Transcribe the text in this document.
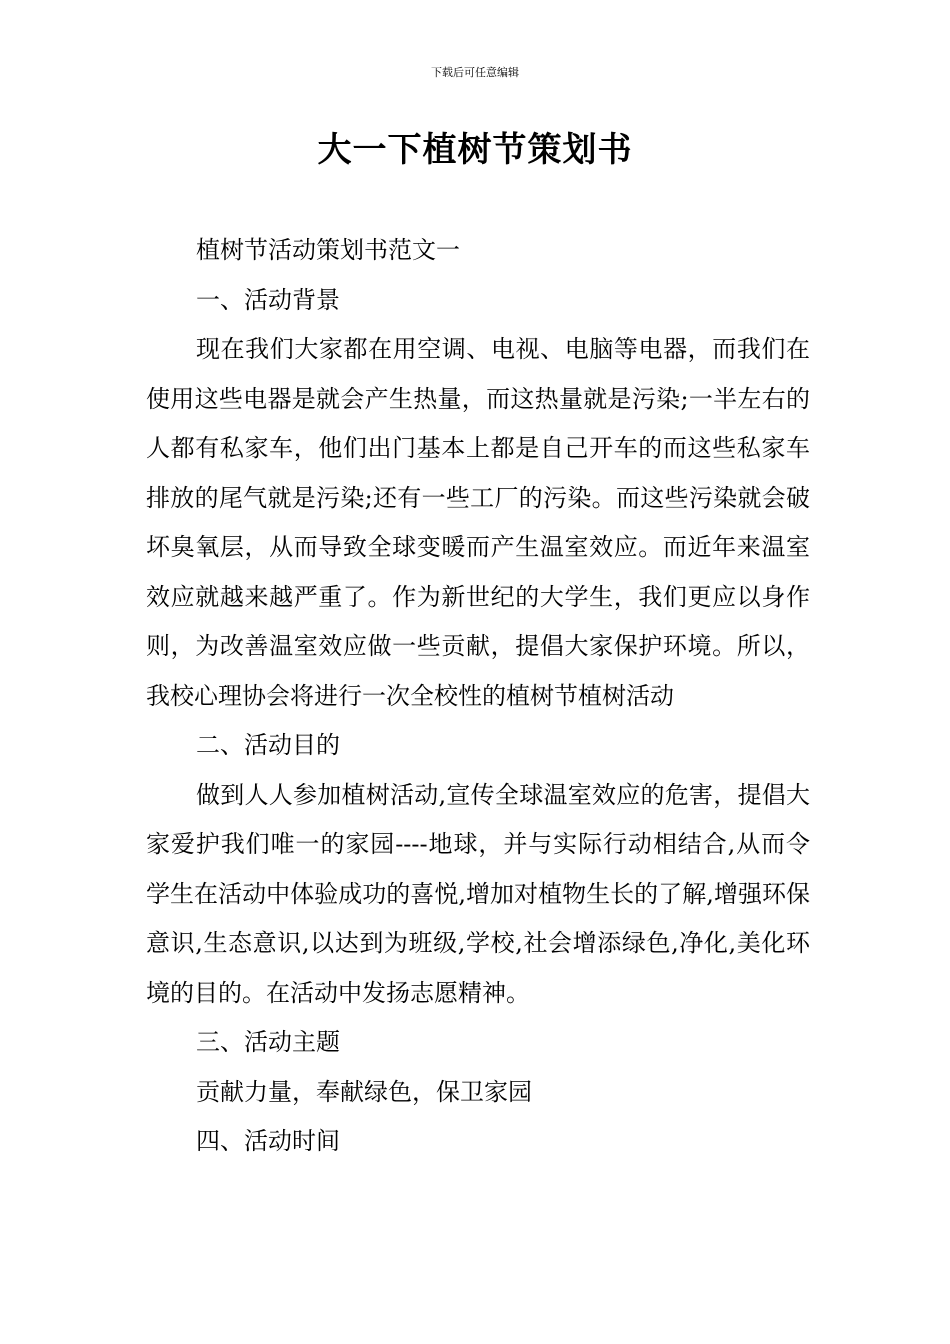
下载后可任意编辑
大一下植树节策划书

植树节活动策划书范文一

一、活动背景

现在我们大家都在用空调、电视、电脑等电器，而我们在使用这些电器是就会产生热量，而这热量就是污染;一半左右的人都有私家车，他们出门基本上都是自己开车的而这些私家车排放的尾气就是污染;还有一些工厂的污染。而这些污染就会破坏臭氧层，从而导致全球变暖而产生温室效应。而近年来温室效应就越来越严重了。作为新世纪的大学生，我们更应以身作则，为改善温室效应做一些贡献，提倡大家保护环境。所以，我校心理协会将进行一次全校性的植树节植树活动

二、活动目的

做到人人参加植树活动,宣传全球温室效应的危害，提倡大家爱护我们唯一的家园----地球，并与实际行动相结合,从而令学生在活动中体验成功的喜悦,增加对植物生长的了解,增强环保意识,生态意识,以达到为班级,学校,社会增添绿色,净化,美化环境的目的。在活动中发扬志愿精神。

三、活动主题

贡献力量，奉献绿色，保卫家园

四、活动时间
